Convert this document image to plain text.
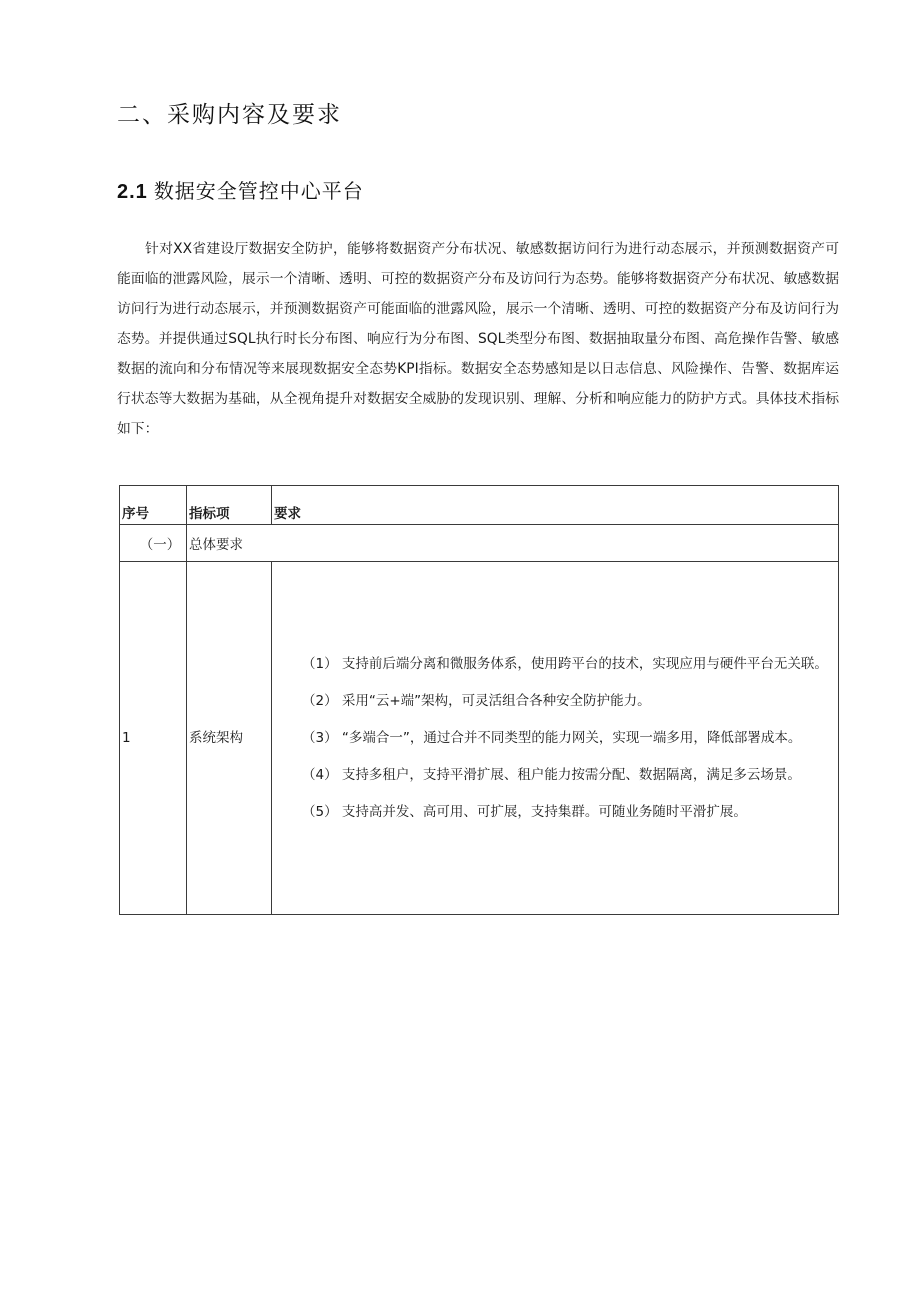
二、采购内容及要求
2.1 数据安全管控中心平台

针对XX省建设厅数据安全防护，能够将数据资产分布状况、敏感数据访问行为进行动态展示，并预测数据资产可能面临的泄露风险，展示一个清晰、透明、可控的数据资产分布及访问行为态势。能够将数据资产分布状况、敏感数据访问行为进行动态展示，并预测数据资产可能面临的泄露风险，展示一个清晰、透明、可控的数据资产分布及访问行为态势。并提供通过SQL执行时长分布图、响应行为分布图、SQL类型分布图、数据抽取量分布图、高危操作告警、敏感数据的流向和分布情况等来展现数据安全态势KPI指标。数据安全态势感知是以日志信息、风险操作、告警、数据库运行状态等大数据为基础，从全视角提升对数据安全威胁的发现识别、理解、分析和响应能力的防护方式。具体技术指标如下：

序号	指标项	要求
（一）	总体要求	
1	系统架构	（1） 支持前后端分离和微服务体系，使用跨平台的技术，实现应用与硬件平台无关联。

（2） 采用“云+端”架构，可灵活组合各种安全防护能力。

（3） “多端合一”，通过合并不同类型的能力网关，实现一端多用，降低部署成本。

（4） 支持多租户，支持平滑扩展、租户能力按需分配、数据隔离，满足多云场景。

（5） 支持高并发、高可用、可扩展，支持集群。可随业务随时平滑扩展。
